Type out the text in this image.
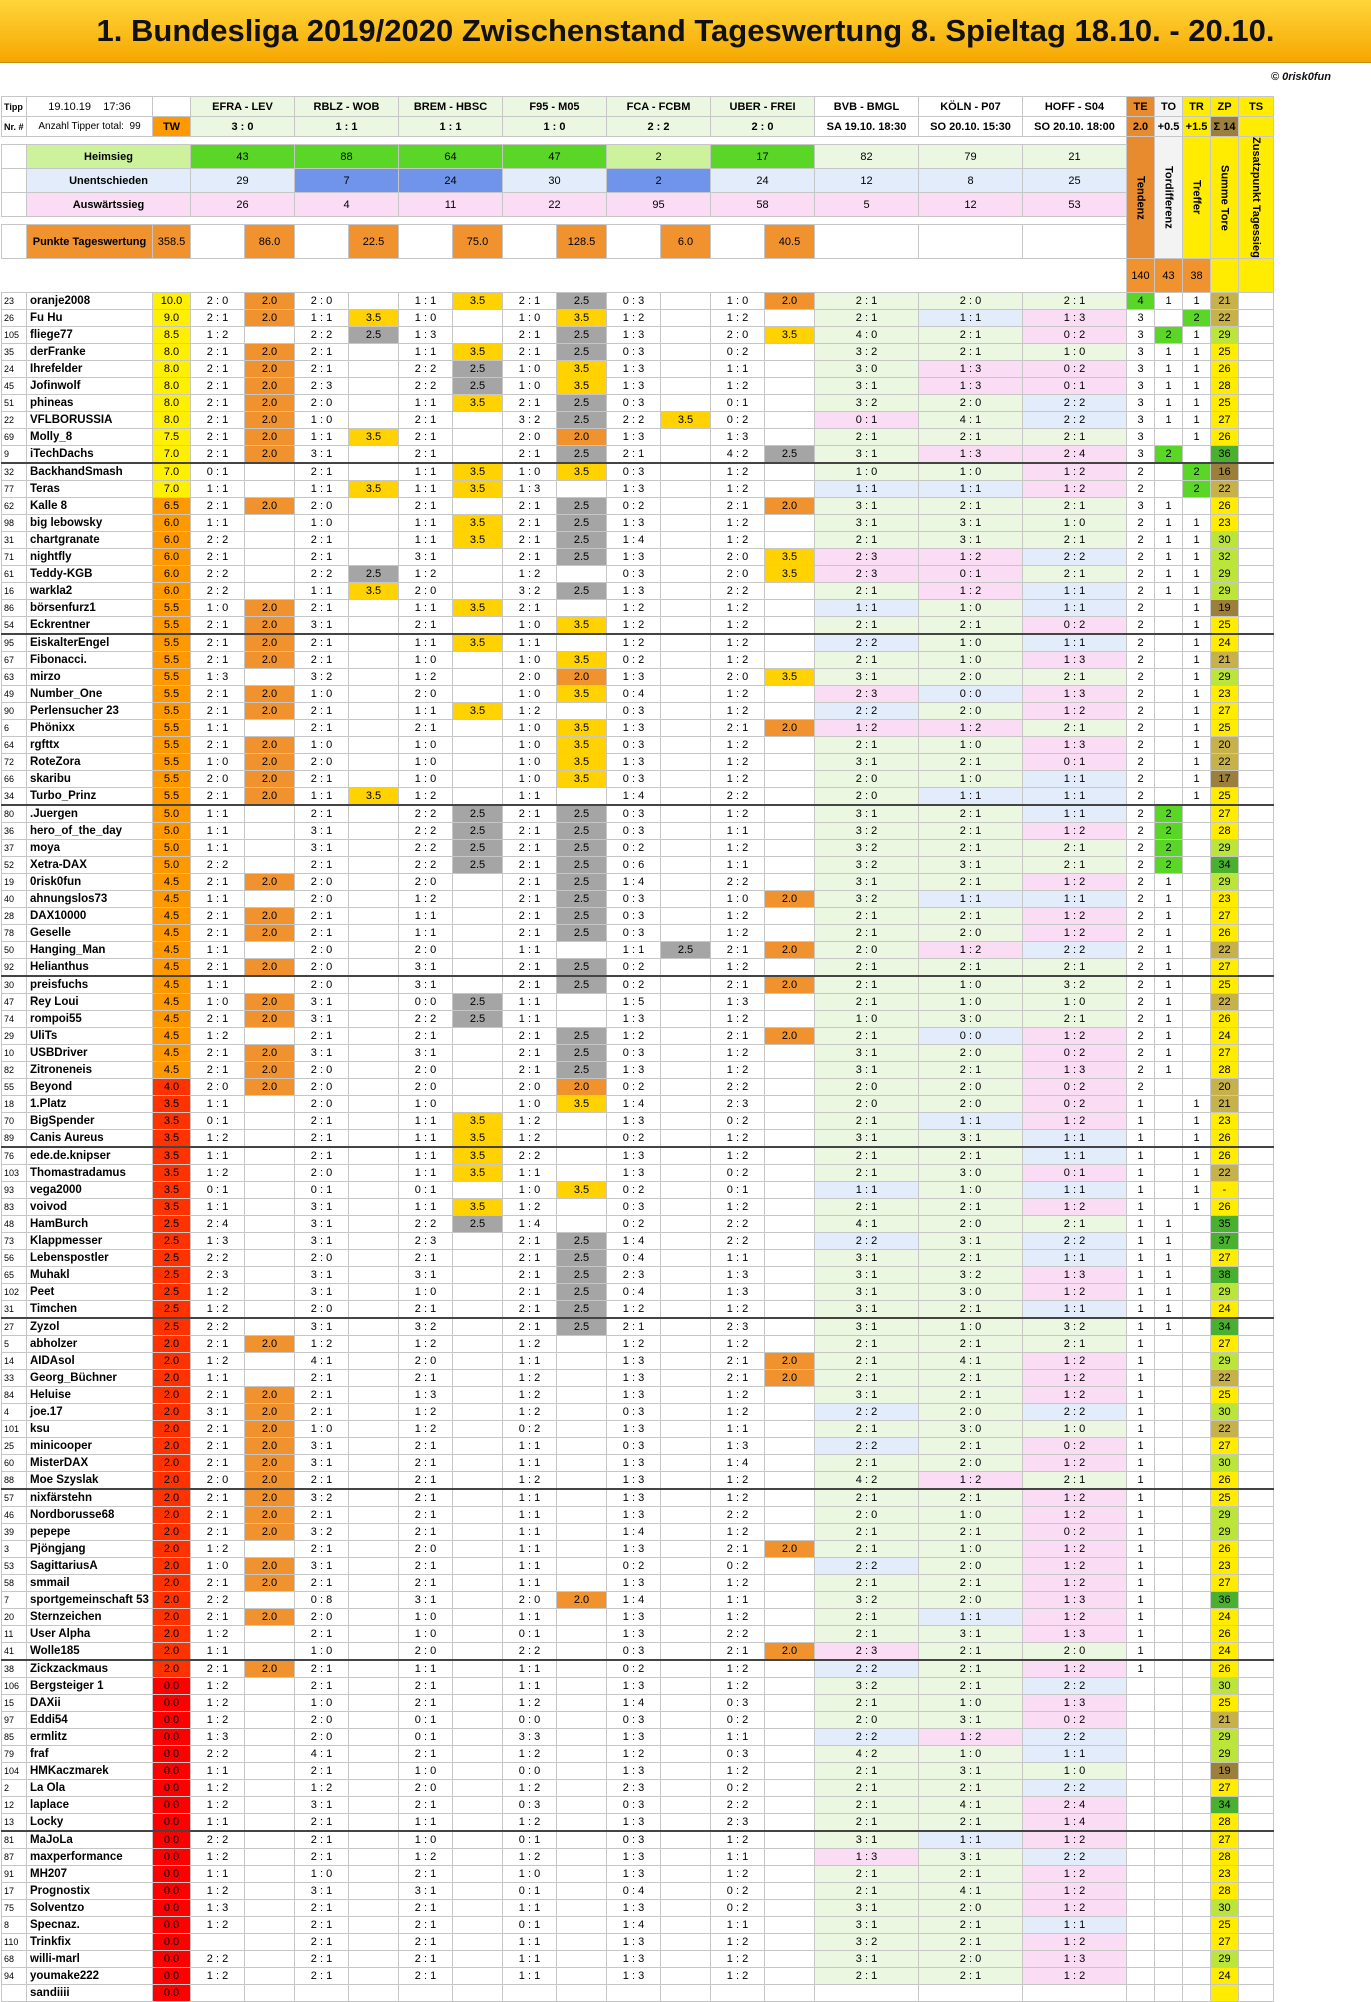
1. Bundesliga 2019/2020 Zwischenstand Tageswertung 8. Spieltag 18.10. - 20.10.
© 0risk0fun
Tipp	19.10.19 17:36		EFRA - LEV		RBLZ - WOB		BREM - HBSC		F95 - M05		FCA - FCBM		UBER - FREI		BVB - BMGL	KÖLN - P07	HOFF - S04	TE	TO	TR	ZP	TS
Nr. #	Anzahl Tipper total: 99	TW	3 : 0		1 : 1		1 : 1		1 : 0		2 : 2		2 : 0		SA 19.10. 18:30	SO 20.10. 15:30	SO 20.10. 18:00	2.0	+0.5	+1.5	Σ 14	
																		Tendenz	Tordifferenz	Treffer	Summe Tore	Zusatzpunkt Tagessieg
	Heimsieg		43		88		64		47		2		17		82	79	21					
	Unentschieden		29		7		24		30		2		24		12	8	25					
	Auswärtssieg		26		4		11		22		95		58		5	12	53					

	Punkte Tageswertung	358.5		86.0		22.5		75.0		128.5		6.0		40.5								
																		140	43	38		
23	oranje2008	10.0	2 : 0	2.0	2 : 0		1 : 1	3.5	2 : 1	2.5	0 : 3		1 : 0	2.0	2 : 1	2 : 0	2 : 1	4	1	1	21	
26	Fu Hu	9.0	2 : 1	2.0	1 : 1	3.5	1 : 0		1 : 0	3.5	1 : 2		1 : 2		2 : 1	1 : 1	1 : 3	3		2	22	
105	fliege77	8.5	1 : 2		2 : 2	2.5	1 : 3		2 : 1	2.5	1 : 3		2 : 0	3.5	4 : 0	2 : 1	0 : 2	3	2	1	29	
35	derFranke	8.0	2 : 1	2.0	2 : 1		1 : 1	3.5	2 : 1	2.5	0 : 3		0 : 2		3 : 2	2 : 1	1 : 0	3	1	1	25	
24	Ihrefelder	8.0	2 : 1	2.0	2 : 1		2 : 2	2.5	1 : 0	3.5	1 : 3		1 : 1		3 : 0	1 : 3	0 : 2	3	1	1	26	
45	Jofinwolf	8.0	2 : 1	2.0	2 : 3		2 : 2	2.5	1 : 0	3.5	1 : 3		1 : 2		3 : 1	1 : 3	0 : 1	3	1	1	28	
51	phineas	8.0	2 : 1	2.0	2 : 0		1 : 1	3.5	2 : 1	2.5	0 : 3		0 : 1		3 : 2	2 : 0	2 : 2	3	1	1	25	
22	VFLBORUSSIA	8.0	2 : 1	2.0	1 : 0		2 : 1		3 : 2	2.5	2 : 2	3.5	0 : 2		0 : 1	4 : 1	2 : 2	3	1	1	27	
69	Molly_8	7.5	2 : 1	2.0	1 : 1	3.5	2 : 1		2 : 0	2.0	1 : 3		1 : 3		2 : 1	2 : 1	2 : 1	3		1	26	
9	iTechDachs	7.0	2 : 1	2.0	3 : 1		2 : 1		2 : 1	2.5	2 : 1		4 : 2	2.5	3 : 1	1 : 3	2 : 4	3	2		36	
32	BackhandSmash	7.0	0 : 1		2 : 1		1 : 1	3.5	1 : 0	3.5	0 : 3		1 : 2		1 : 0	1 : 0	1 : 2	2		2	16	
77	Teras	7.0	1 : 1		1 : 1	3.5	1 : 1	3.5	1 : 3		1 : 3		1 : 2		1 : 1	1 : 1	1 : 2	2		2	22	
62	Kalle 8	6.5	2 : 1	2.0	2 : 0		2 : 1		2 : 1	2.5	0 : 2		2 : 1	2.0	3 : 1	2 : 1	2 : 1	3	1		26	
98	big lebowsky	6.0	1 : 1		1 : 0		1 : 1	3.5	2 : 1	2.5	1 : 3		1 : 2		3 : 1	3 : 1	1 : 0	2	1	1	23	
31	chartgranate	6.0	2 : 2		2 : 1		1 : 1	3.5	2 : 1	2.5	1 : 4		1 : 2		2 : 1	3 : 1	2 : 1	2	1	1	30	
71	nightfly	6.0	2 : 1		2 : 1		3 : 1		2 : 1	2.5	1 : 3		2 : 0	3.5	2 : 3	1 : 2	2 : 2	2	1	1	32	
61	Teddy-KGB	6.0	2 : 2		2 : 2	2.5	1 : 2		1 : 2		0 : 3		2 : 0	3.5	2 : 3	0 : 1	2 : 1	2	1	1	29	
16	warkla2	6.0	2 : 2		1 : 1	3.5	2 : 0		3 : 2	2.5	1 : 3		2 : 2		2 : 1	1 : 2	1 : 1	2	1	1	29	
86	börsenfurz1	5.5	1 : 0	2.0	2 : 1		1 : 1	3.5	2 : 1		1 : 2		1 : 2		1 : 1	1 : 0	1 : 1	2		1	19	
54	Eckrentner	5.5	2 : 1	2.0	3 : 1		2 : 1		1 : 0	3.5	1 : 2		1 : 2		2 : 1	2 : 1	0 : 2	2		1	25	
95	EiskalterEngel	5.5	2 : 1	2.0	2 : 1		1 : 1	3.5	1 : 1		1 : 2		1 : 2		2 : 2	1 : 0	1 : 1	2		1	24	
67	Fibonacci.	5.5	2 : 1	2.0	2 : 1		1 : 0		1 : 0	3.5	0 : 2		1 : 2		2 : 1	1 : 0	1 : 3	2		1	21	
63	mirzo	5.5	1 : 3		3 : 2		1 : 2		2 : 0	2.0	1 : 3		2 : 0	3.5	3 : 1	2 : 0	2 : 1	2		1	29	
49	Number_One	5.5	2 : 1	2.0	1 : 0		2 : 0		1 : 0	3.5	0 : 4		1 : 2		2 : 3	0 : 0	1 : 3	2		1	23	
90	Perlensucher 23	5.5	2 : 1	2.0	2 : 1		1 : 1	3.5	1 : 2		0 : 3		1 : 2		2 : 2	2 : 0	1 : 2	2		1	27	
6	Phönixx	5.5	1 : 1		2 : 1		2 : 1		1 : 0	3.5	1 : 3		2 : 1	2.0	1 : 2	1 : 2	2 : 1	2		1	25	
64	rgfttx	5.5	2 : 1	2.0	1 : 0		1 : 0		1 : 0	3.5	0 : 3		1 : 2		2 : 1	1 : 0	1 : 3	2		1	20	
72	RoteZora	5.5	1 : 0	2.0	2 : 0		1 : 0		1 : 0	3.5	1 : 3		1 : 2		3 : 1	2 : 1	0 : 1	2		1	22	
66	skaribu	5.5	2 : 0	2.0	2 : 1		1 : 0		1 : 0	3.5	0 : 3		1 : 2		2 : 0	1 : 0	1 : 1	2		1	17	
34	Turbo_Prinz	5.5	2 : 1	2.0	1 : 1	3.5	1 : 2		1 : 1		1 : 4		2 : 2		2 : 0	1 : 1	1 : 1	2		1	25	
80	.Juergen	5.0	1 : 1		2 : 1		2 : 2	2.5	2 : 1	2.5	0 : 3		1 : 2		3 : 1	2 : 1	1 : 1	2	2		27	
36	hero_of_the_day	5.0	1 : 1		3 : 1		2 : 2	2.5	2 : 1	2.5	0 : 3		1 : 1		3 : 2	2 : 1	1 : 2	2	2		28	
37	moya	5.0	1 : 1		3 : 1		2 : 2	2.5	2 : 1	2.5	0 : 2		1 : 2		3 : 2	2 : 1	2 : 1	2	2		29	
52	Xetra-DAX	5.0	2 : 2		2 : 1		2 : 2	2.5	2 : 1	2.5	0 : 6		1 : 1		3 : 2	3 : 1	2 : 1	2	2		34	
19	0risk0fun	4.5	2 : 1	2.0	2 : 0		2 : 0		2 : 1	2.5	1 : 4		2 : 2		3 : 1	2 : 1	1 : 2	2	1		29	
40	ahnungslos73	4.5	1 : 1		2 : 0		1 : 2		2 : 1	2.5	0 : 3		1 : 0	2.0	3 : 2	1 : 1	1 : 1	2	1		23	
28	DAX10000	4.5	2 : 1	2.0	2 : 1		1 : 1		2 : 1	2.5	0 : 3		1 : 2		2 : 1	2 : 1	1 : 2	2	1		27	
78	Geselle	4.5	2 : 1	2.0	2 : 1		1 : 1		2 : 1	2.5	0 : 3		1 : 2		2 : 1	2 : 0	1 : 2	2	1		26	
50	Hanging_Man	4.5	1 : 1		2 : 0		2 : 0		1 : 1		1 : 1	2.5	2 : 1	2.0	2 : 0	1 : 2	2 : 2	2	1		22	
92	Helianthus	4.5	2 : 1	2.0	2 : 0		3 : 1		2 : 1	2.5	0 : 2		1 : 2		2 : 1	2 : 1	2 : 1	2	1		27	
30	preisfuchs	4.5	1 : 1		2 : 0		3 : 1		2 : 1	2.5	0 : 2		2 : 1	2.0	2 : 1	1 : 0	3 : 2	2	1		25	
47	Rey Loui	4.5	1 : 0	2.0	3 : 1		0 : 0	2.5	1 : 1		1 : 5		1 : 3		2 : 1	1 : 0	1 : 0	2	1		22	
74	rompoi55	4.5	2 : 1	2.0	3 : 1		2 : 2	2.5	1 : 1		1 : 3		1 : 2		1 : 0	3 : 0	2 : 1	2	1		26	
29	UliTs	4.5	1 : 2		2 : 1		2 : 1		2 : 1	2.5	1 : 2		2 : 1	2.0	2 : 1	0 : 0	1 : 2	2	1		24	
10	USBDriver	4.5	2 : 1	2.0	3 : 1		3 : 1		2 : 1	2.5	0 : 3		1 : 2		3 : 1	2 : 0	0 : 2	2	1		27	
82	Zitroneneis	4.5	2 : 1	2.0	2 : 0		2 : 0		2 : 1	2.5	1 : 3		1 : 2		3 : 1	2 : 1	1 : 3	2	1		28	
55	Beyond	4.0	2 : 0	2.0	2 : 0		2 : 0		2 : 0	2.0	0 : 2		2 : 2		2 : 0	2 : 0	0 : 2	2			20	
18	1.Platz	3.5	1 : 1		2 : 0		1 : 0		1 : 0	3.5	1 : 4		2 : 3		2 : 0	2 : 0	0 : 2	1		1	21	
70	BigSpender	3.5	0 : 1		2 : 1		1 : 1	3.5	1 : 2		1 : 3		0 : 2		2 : 1	1 : 1	1 : 2	1		1	23	
89	Canis Aureus	3.5	1 : 2		2 : 1		1 : 1	3.5	1 : 2		0 : 2		1 : 2		3 : 1	3 : 1	1 : 1	1		1	26	
76	ede.de.knipser	3.5	1 : 1		2 : 1		1 : 1	3.5	2 : 2		1 : 3		1 : 2		2 : 1	2 : 1	1 : 1	1		1	26	
103	Thomastradamus	3.5	1 : 2		2 : 0		1 : 1	3.5	1 : 1		1 : 3		0 : 2		2 : 1	3 : 0	0 : 1	1		1	22	
93	vega2000	3.5	0 : 1		0 : 1		0 : 1		1 : 0	3.5	0 : 2		0 : 1		1 : 1	1 : 0	1 : 1	1		1	-	
83	voivod	3.5	1 : 1		3 : 1		1 : 1	3.5	1 : 2		0 : 3		1 : 2		2 : 1	2 : 1	1 : 2	1		1	26	
48	HamBurch	2.5	2 : 4		3 : 1		2 : 2	2.5	1 : 4		0 : 2		2 : 2		4 : 1	2 : 0	2 : 1	1	1		35	
73	Klappmesser	2.5	1 : 3		3 : 1		2 : 3		2 : 1	2.5	1 : 4		2 : 2		2 : 2	3 : 1	2 : 2	1	1		37	
56	Lebenspostler	2.5	2 : 2		2 : 0		2 : 1		2 : 1	2.5	0 : 4		1 : 1		3 : 1	2 : 1	1 : 1	1	1		27	
65	Muhakl	2.5	2 : 3		3 : 1		3 : 1		2 : 1	2.5	2 : 3		1 : 3		3 : 1	3 : 2	1 : 3	1	1		38	
102	Peet	2.5	1 : 2		3 : 1		1 : 0		2 : 1	2.5	0 : 4		1 : 3		3 : 1	3 : 0	1 : 2	1	1		29	
31	Timchen	2.5	1 : 2		2 : 0		2 : 1		2 : 1	2.5	1 : 2		1 : 2		3 : 1	2 : 1	1 : 1	1	1		24	
27	Zyzol	2.5	2 : 2		3 : 1		3 : 2		2 : 1	2.5	2 : 1		2 : 3		3 : 1	1 : 0	3 : 2	1	1		34	
5	abholzer	2.0	2 : 1	2.0	1 : 2		1 : 2		1 : 2		1 : 2		1 : 2		2 : 1	2 : 1	2 : 1	1			27	
14	AIDAsol	2.0	1 : 2		4 : 1		2 : 0		1 : 1		1 : 3		2 : 1	2.0	2 : 1	4 : 1	1 : 2	1			29	
33	Georg_Büchner	2.0	1 : 1		2 : 1		2 : 1		1 : 2		1 : 3		2 : 1	2.0	2 : 1	2 : 1	1 : 2	1			22	
84	Heluise	2.0	2 : 1	2.0	2 : 1		1 : 3		1 : 2		1 : 3		1 : 2		3 : 1	2 : 1	1 : 2	1			25	
4	joe.17	2.0	3 : 1	2.0	2 : 1		1 : 2		1 : 2		0 : 3		1 : 2		2 : 2	2 : 0	2 : 2	1			30	
101	ksu	2.0	2 : 1	2.0	1 : 0		1 : 2		0 : 2		1 : 3		1 : 1		2 : 1	3 : 0	1 : 0	1			22	
25	minicooper	2.0	2 : 1	2.0	3 : 1		2 : 1		1 : 1		0 : 3		1 : 3		2 : 2	2 : 1	0 : 2	1			27	
60	MisterDAX	2.0	2 : 1	2.0	3 : 1		2 : 1		1 : 1		1 : 3		1 : 4		2 : 1	2 : 0	1 : 2	1			30	
88	Moe Szyslak	2.0	2 : 0	2.0	2 : 1		2 : 1		1 : 2		1 : 3		1 : 2		4 : 2	1 : 2	2 : 1	1			26	
57	nixfärstehn	2.0	2 : 1	2.0	3 : 2		2 : 1		1 : 1		1 : 3		1 : 2		2 : 1	2 : 1	1 : 2	1			25	
46	Nordborusse68	2.0	2 : 1	2.0	2 : 1		2 : 1		1 : 1		1 : 3		2 : 2		2 : 0	1 : 0	1 : 2	1			29	
39	pepepe	2.0	2 : 1	2.0	3 : 2		2 : 1		1 : 1		1 : 4		1 : 2		2 : 1	2 : 1	0 : 2	1			29	
3	Pjöngjang	2.0	1 : 2		2 : 1		2 : 0		1 : 1		1 : 3		2 : 1	2.0	2 : 1	1 : 0	1 : 2	1			26	
53	SagittariusA	2.0	1 : 0	2.0	3 : 1		2 : 1		1 : 1		0 : 2		0 : 2		2 : 2	2 : 0	1 : 2	1			23	
58	smmail	2.0	2 : 1	2.0	2 : 1		2 : 1		1 : 1		1 : 3		1 : 2		2 : 1	2 : 1	1 : 2	1			27	
7	sportgemeinschaft 53	2.0	2 : 2		0 : 8		3 : 1		2 : 0	2.0	1 : 4		1 : 1		3 : 2	2 : 0	1 : 3	1			36	
20	Sternzeichen	2.0	2 : 1	2.0	2 : 0		1 : 0		1 : 1		1 : 3		1 : 2		2 : 1	1 : 1	1 : 2	1			24	
11	User Alpha	2.0	1 : 2		2 : 1		1 : 0		0 : 1		1 : 3		2 : 2		2 : 1	3 : 1	1 : 3	1			26	
41	Wolle185	2.0	1 : 1		1 : 0		2 : 0		2 : 2		0 : 3		2 : 1	2.0	2 : 3	2 : 1	2 : 0	1			24	
38	Zickzackmaus	2.0	2 : 1	2.0	2 : 1		1 : 1		1 : 1		0 : 2		1 : 2		2 : 2	2 : 1	1 : 2	1			26	
106	Bergsteiger 1	0.0	1 : 2		2 : 1		2 : 1		1 : 1		1 : 3		1 : 2		3 : 2	2 : 1	2 : 2				30	
15	DAXii	0.0	1 : 2		1 : 0		2 : 1		1 : 2		1 : 4		0 : 3		2 : 1	1 : 0	1 : 3				25	
97	Eddi54	0.0	1 : 2		2 : 0		0 : 1		0 : 0		0 : 3		0 : 2		2 : 0	3 : 1	0 : 2				21	
85	ermlitz	0.0	1 : 3		2 : 0		0 : 1		3 : 3		1 : 3		1 : 1		2 : 2	1 : 2	2 : 2				29	
79	fraf	0.0	2 : 2		4 : 1		2 : 1		1 : 2		1 : 2		0 : 3		4 : 2	1 : 0	1 : 1				29	
104	HMKaczmarek	0.0	1 : 1		2 : 1		1 : 0		0 : 0		1 : 3		1 : 2		2 : 1	3 : 1	1 : 0				19	
2	La Ola	0.0	1 : 2		1 : 2		2 : 0		1 : 2		2 : 3		0 : 2		2 : 1	2 : 1	2 : 2				27	
12	laplace	0.0	1 : 2		3 : 1		2 : 1		0 : 3		0 : 3		2 : 2		2 : 1	4 : 1	2 : 4				34	
13	Locky	0.0	1 : 1		2 : 1		1 : 1		1 : 2		1 : 3		2 : 3		2 : 1	2 : 1	1 : 4				28	
81	MaJoLa	0.0	2 : 2		2 : 1		1 : 0		0 : 1		0 : 3		1 : 2		3 : 1	1 : 1	1 : 2				27	
87	maxperformance	0.0	1 : 2		2 : 1		1 : 2		1 : 2		1 : 3		1 : 1		1 : 3	3 : 1	2 : 2				28	
91	MH207	0.0	1 : 1		1 : 0		2 : 1		1 : 0		1 : 3		1 : 2		2 : 1	2 : 1	1 : 2				23	
17	Prognostix	0.0	1 : 2		3 : 1		3 : 1		0 : 1		0 : 4		0 : 2		2 : 1	4 : 1	1 : 2				28	
75	Solventzo	0.0	1 : 3		2 : 1		2 : 1		1 : 1		1 : 3		0 : 2		3 : 1	2 : 0	1 : 2				30	
8	Specnaz.	0.0	1 : 2		2 : 1		2 : 1		0 : 1		1 : 4		1 : 1		3 : 1	2 : 1	1 : 1				25	
110	Trinkfix	0.0			2 : 1		2 : 1		1 : 1		1 : 3		1 : 2		3 : 2	2 : 1	1 : 2				27	
68	willi-marl	0.0	2 : 2		2 : 1		2 : 1		1 : 1		1 : 3		1 : 2		3 : 1	2 : 0	1 : 3				29	
94	youmake222	0.0	1 : 2		2 : 1		2 : 1		1 : 1		1 : 3		1 : 2		2 : 1	2 : 1	1 : 2				24	
	sandiiii	0.0																				
